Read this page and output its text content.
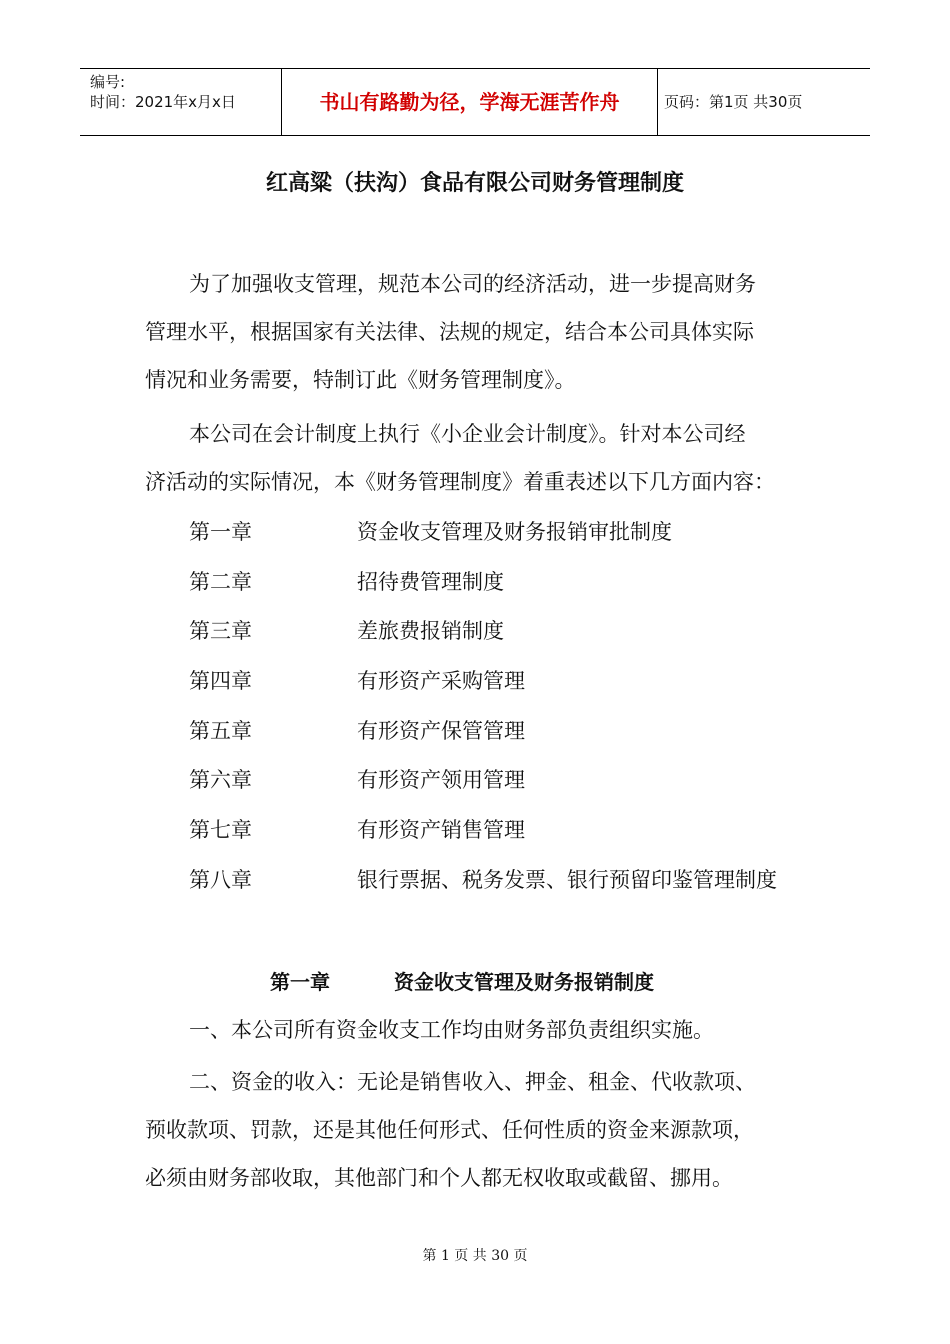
编号:
时间：2021年x月x日	书山有路勤为径，学海无涯苦作舟	页码：第1页 共30页
红高粱（扶沟）食品有限公司财务管理制度

为了加强收支管理，规范本公司的经济活动，进一步提高财务
管理水平，根据国家有关法律、法规的规定，结合本公司具体实际
情况和业务需要，特制订此《财务管理制度》。

本公司在会计制度上执行《小企业会计制度》。针对本公司经
济活动的实际情况，本《财务管理制度》着重表述以下几方面内容：

第一章	资金收支管理及财务报销审批制度
第二章	招待费管理制度
第三章	差旅费报销制度
第四章	有形资产采购管理
第五章	有形资产保管管理
第六章	有形资产领用管理
第七章	有形资产销售管理
第八章	银行票据、税务发票、银行预留印鉴管理制度
第一章	资金收支管理及财务报销制度

一、本公司所有资金收支工作均由财务部负责组织实施。

二、资金的收入：无论是销售收入、押金、租金、代收款项、
预收款项、罚款，还是其他任何形式、任何性质的资金来源款项，
必须由财务部收取，其他部门和个人都无权收取或截留、挪用。

第 1 页 共 30 页
